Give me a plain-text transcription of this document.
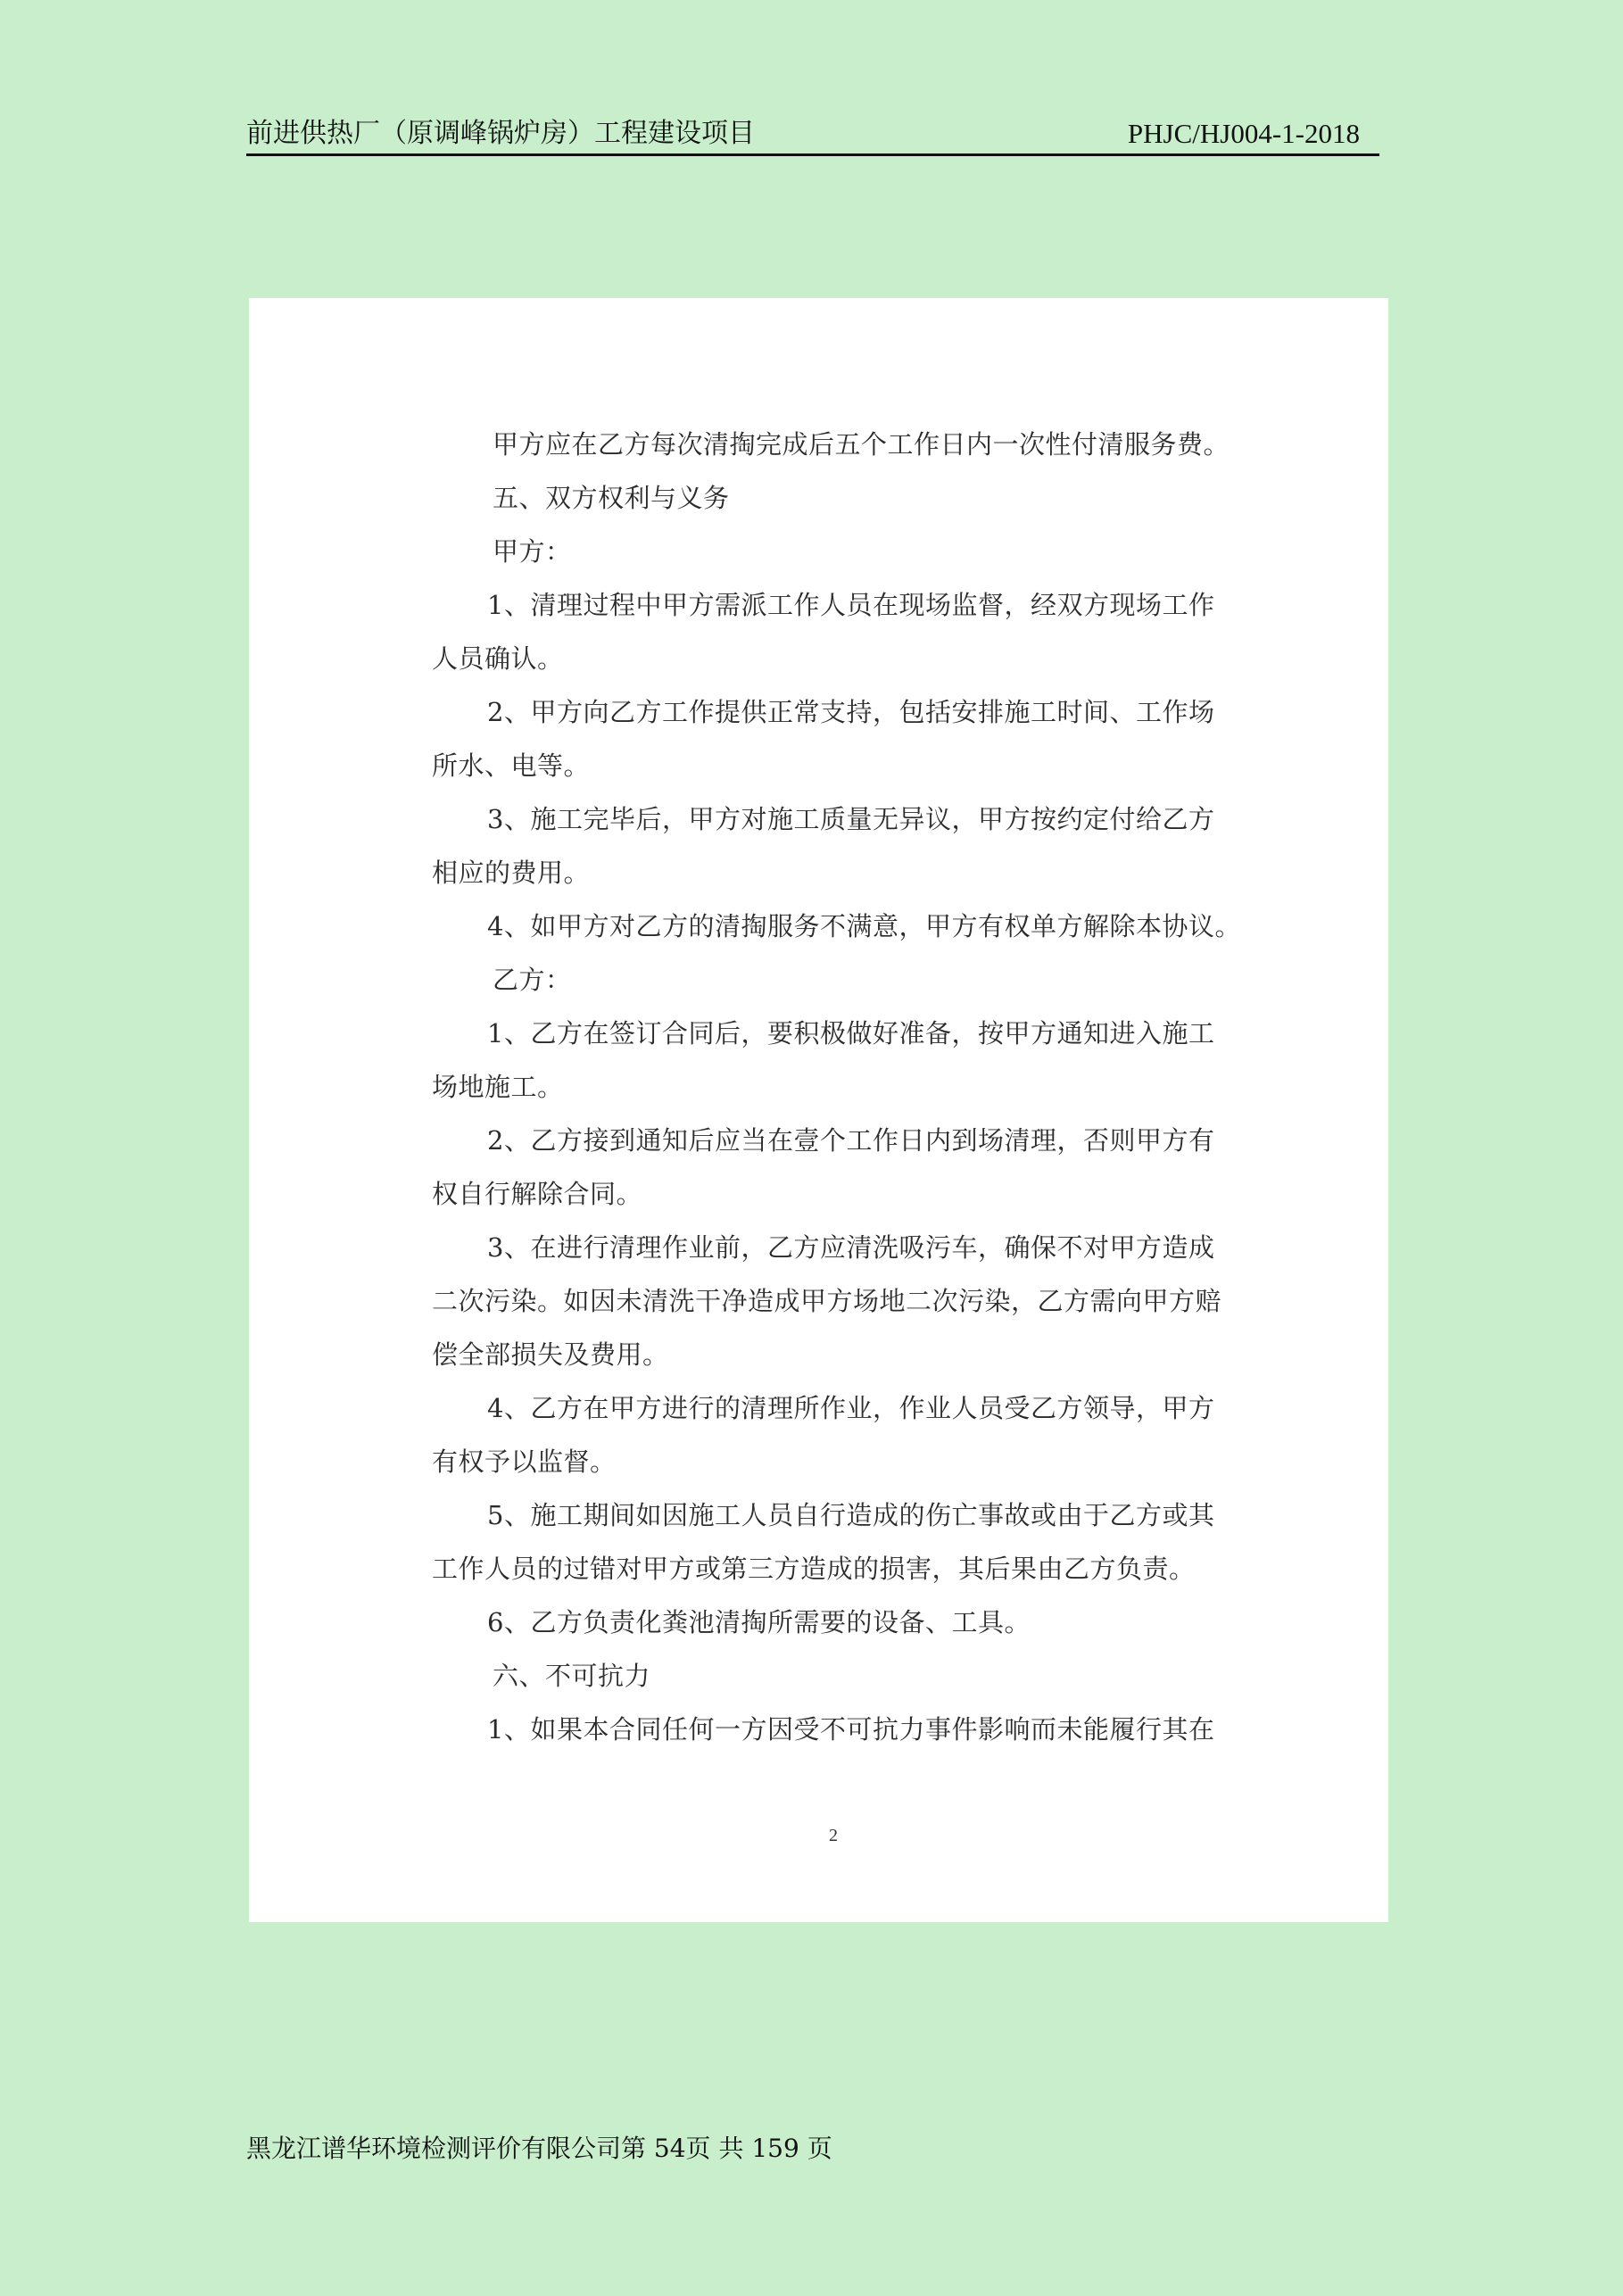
前进供热厂（原调峰锅炉房）工程建设项目	PHJC/HJ004-1-2018
甲方应在乙方每次清掏完成后五个工作日内一次性付清服务费。
五、双方权利与义务
甲方：
1、清理过程中甲方需派工作人员在现场监督，经双方现场工作
人员确认。
2、甲方向乙方工作提供正常支持，包括安排施工时间、工作场
所水、电等。
3、施工完毕后，甲方对施工质量无异议，甲方按约定付给乙方
相应的费用。
4、如甲方对乙方的清掏服务不满意，甲方有权单方解除本协议。
乙方：
1、乙方在签订合同后，要积极做好准备，按甲方通知进入施工
场地施工。
2、乙方接到通知后应当在壹个工作日内到场清理，否则甲方有
权自行解除合同。
3、在进行清理作业前，乙方应清洗吸污车，确保不对甲方造成
二次污染。如因未清洗干净造成甲方场地二次污染，乙方需向甲方赔
偿全部损失及费用。
4、乙方在甲方进行的清理所作业，作业人员受乙方领导，甲方
有权予以监督。
5、施工期间如因施工人员自行造成的伤亡事故或由于乙方或其
工作人员的过错对甲方或第三方造成的损害，其后果由乙方负责。
6、乙方负责化粪池清掏所需要的设备、工具。
六、不可抗力
1、如果本合同任何一方因受不可抗力事件影响而未能履行其在
2
黑龙江谱华环境检测评价有限公司第 54页 共 159 页
